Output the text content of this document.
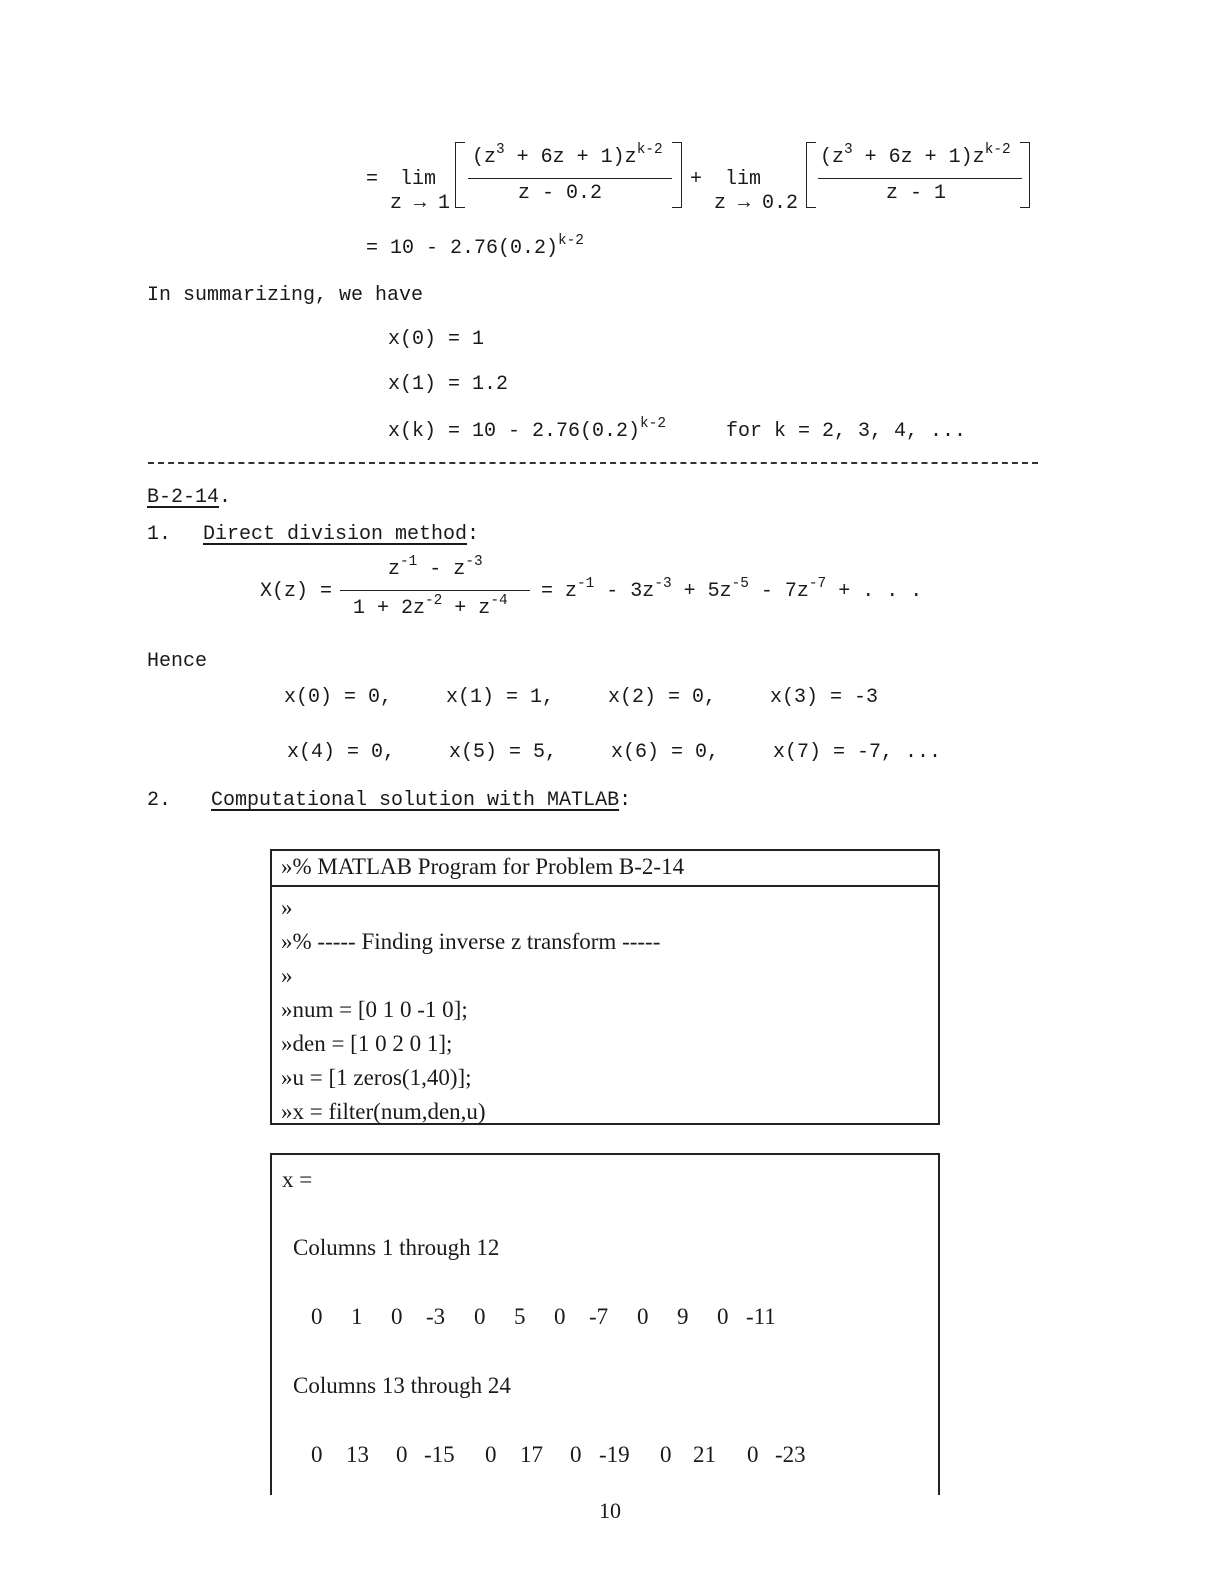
= lim
z → 1
$(z^3 + 6z + 1)z^{k-2}$
z - 0.2
+ lim
z → 0.2
$(z^3 + 6z + 1)z^{k-2}$
z - 1
= $10 - 2.76(0.2)^{k-2}$
In summarizing, we have
x(0) = 1
x(1) = 1.2
$x(k) = 10 - 2.76(0.2)^{k-2}$	for k = 2, 3, 4, ...
B-2-14.
1. Direct division method:
X(z) =
$z^{-1} - z^{-3}$
$1 + 2z^{-2} + z^{-4} = z^{-1} - 3z^{-3} + 5z^{-5} - 7z^{-7}$ + . . .
Hence
x(0) = 0,	x(1) = 1,	x(2) = 0,	x(3) = -3
x(4) = 0,	x(5) = 5,	x(6) = 0,	x(7) = -7, ...
2. Computational solution with MATLAB:
»% MATLAB Program for Problem B-2-14
»
»% ----- Finding inverse z transform -----
»
»num = [0 1 0 -1 0];
»den = [1 0 2 0 1];
»u = [1 zeros(1,40)];
»x = filter(num,den,u)
x =
Columns 1 through 12
0 1 0 -3 0 5 0 -7 0 9 0 -11
Columns 13 through 24
0 13 0 -15 0 17 0 -19 0 21 0 -23
10
